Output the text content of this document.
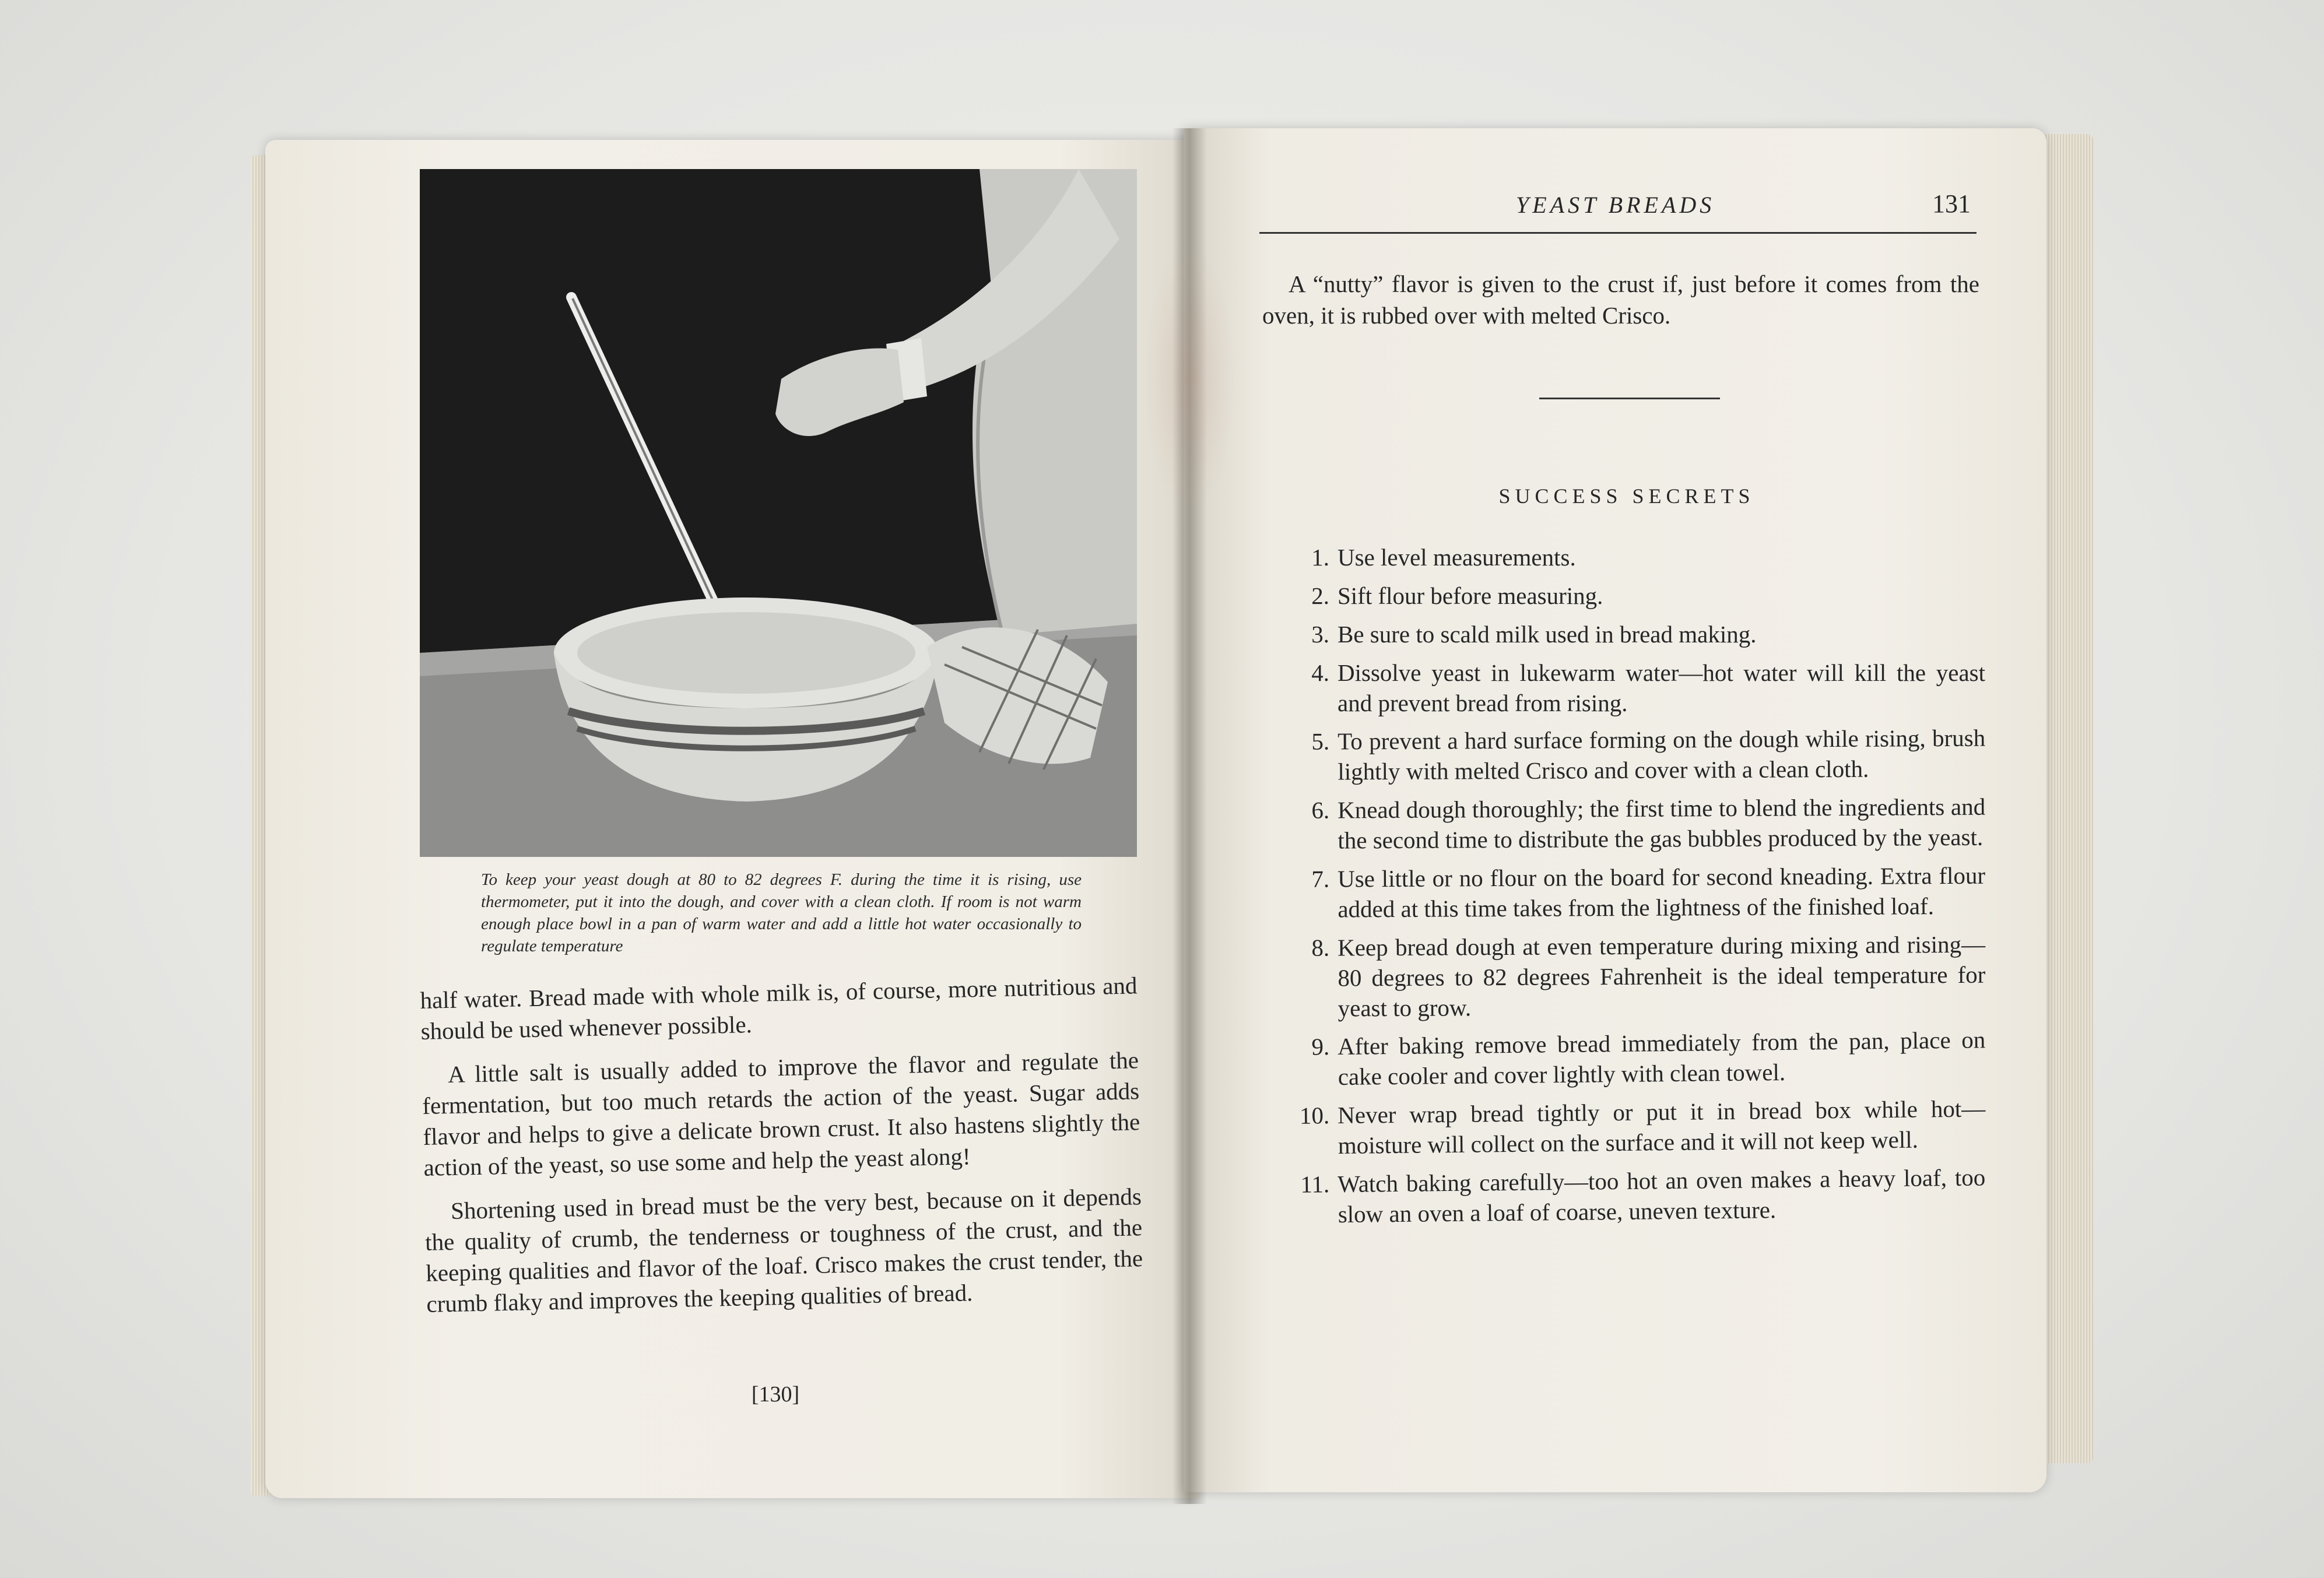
To keep your yeast dough at 80 to 82 degrees F. during the time it is rising, use thermometer, put it into the dough, and cover with a clean cloth. If room is not warm enough place bowl in a pan of warm water and add a little hot water occasionally to regulate temperature

half water. Bread made with whole milk is, of course, more nutritious and should be used whenever possible.

A little salt is usually added to improve the flavor and regulate the fermentation, but too much retards the action of the yeast. Sugar adds flavor and helps to give a delicate brown crust. It also hastens slightly the action of the yeast, so use some and help the yeast along!

Shortening used in bread must be the very best, because on it depends the quality of crumb, the tenderness or toughness of the crust, and the keeping qualities and flavor of the loaf. Crisco makes the crust tender, the crumb flaky and improves the keeping qualities of bread.

[130]
YEAST BREADS	131
A “nutty” flavor is given to the crust if, just before it comes from the oven, it is rubbed over with melted Crisco.
SUCCESS SECRETS
1. Use level measurements.
2. Sift flour before measuring.
3. Be sure to scald milk used in bread making.
4. Dissolve yeast in lukewarm water—hot water will kill the yeast and prevent bread from rising.
5. To prevent a hard surface forming on the dough while rising, brush lightly with melted Crisco and cover with a clean cloth.
6. Knead dough thoroughly; the first time to blend the ingredients and the second time to distribute the gas bubbles produced by the yeast.
7. Use little or no flour on the board for second kneading. Extra flour added at this time takes from the lightness of the finished loaf.
8. Keep bread dough at even temperature during mixing and rising—80 degrees to 82 degrees Fahrenheit is the ideal temperature for yeast to grow.
9. After baking remove bread immediately from the pan, place on cake cooler and cover lightly with clean towel.
10. Never wrap bread tightly or put it in bread box while hot—moisture will collect on the surface and it will not keep well.
11. Watch baking carefully—too hot an oven makes a heavy loaf, too slow an oven a loaf of coarse, uneven texture.
